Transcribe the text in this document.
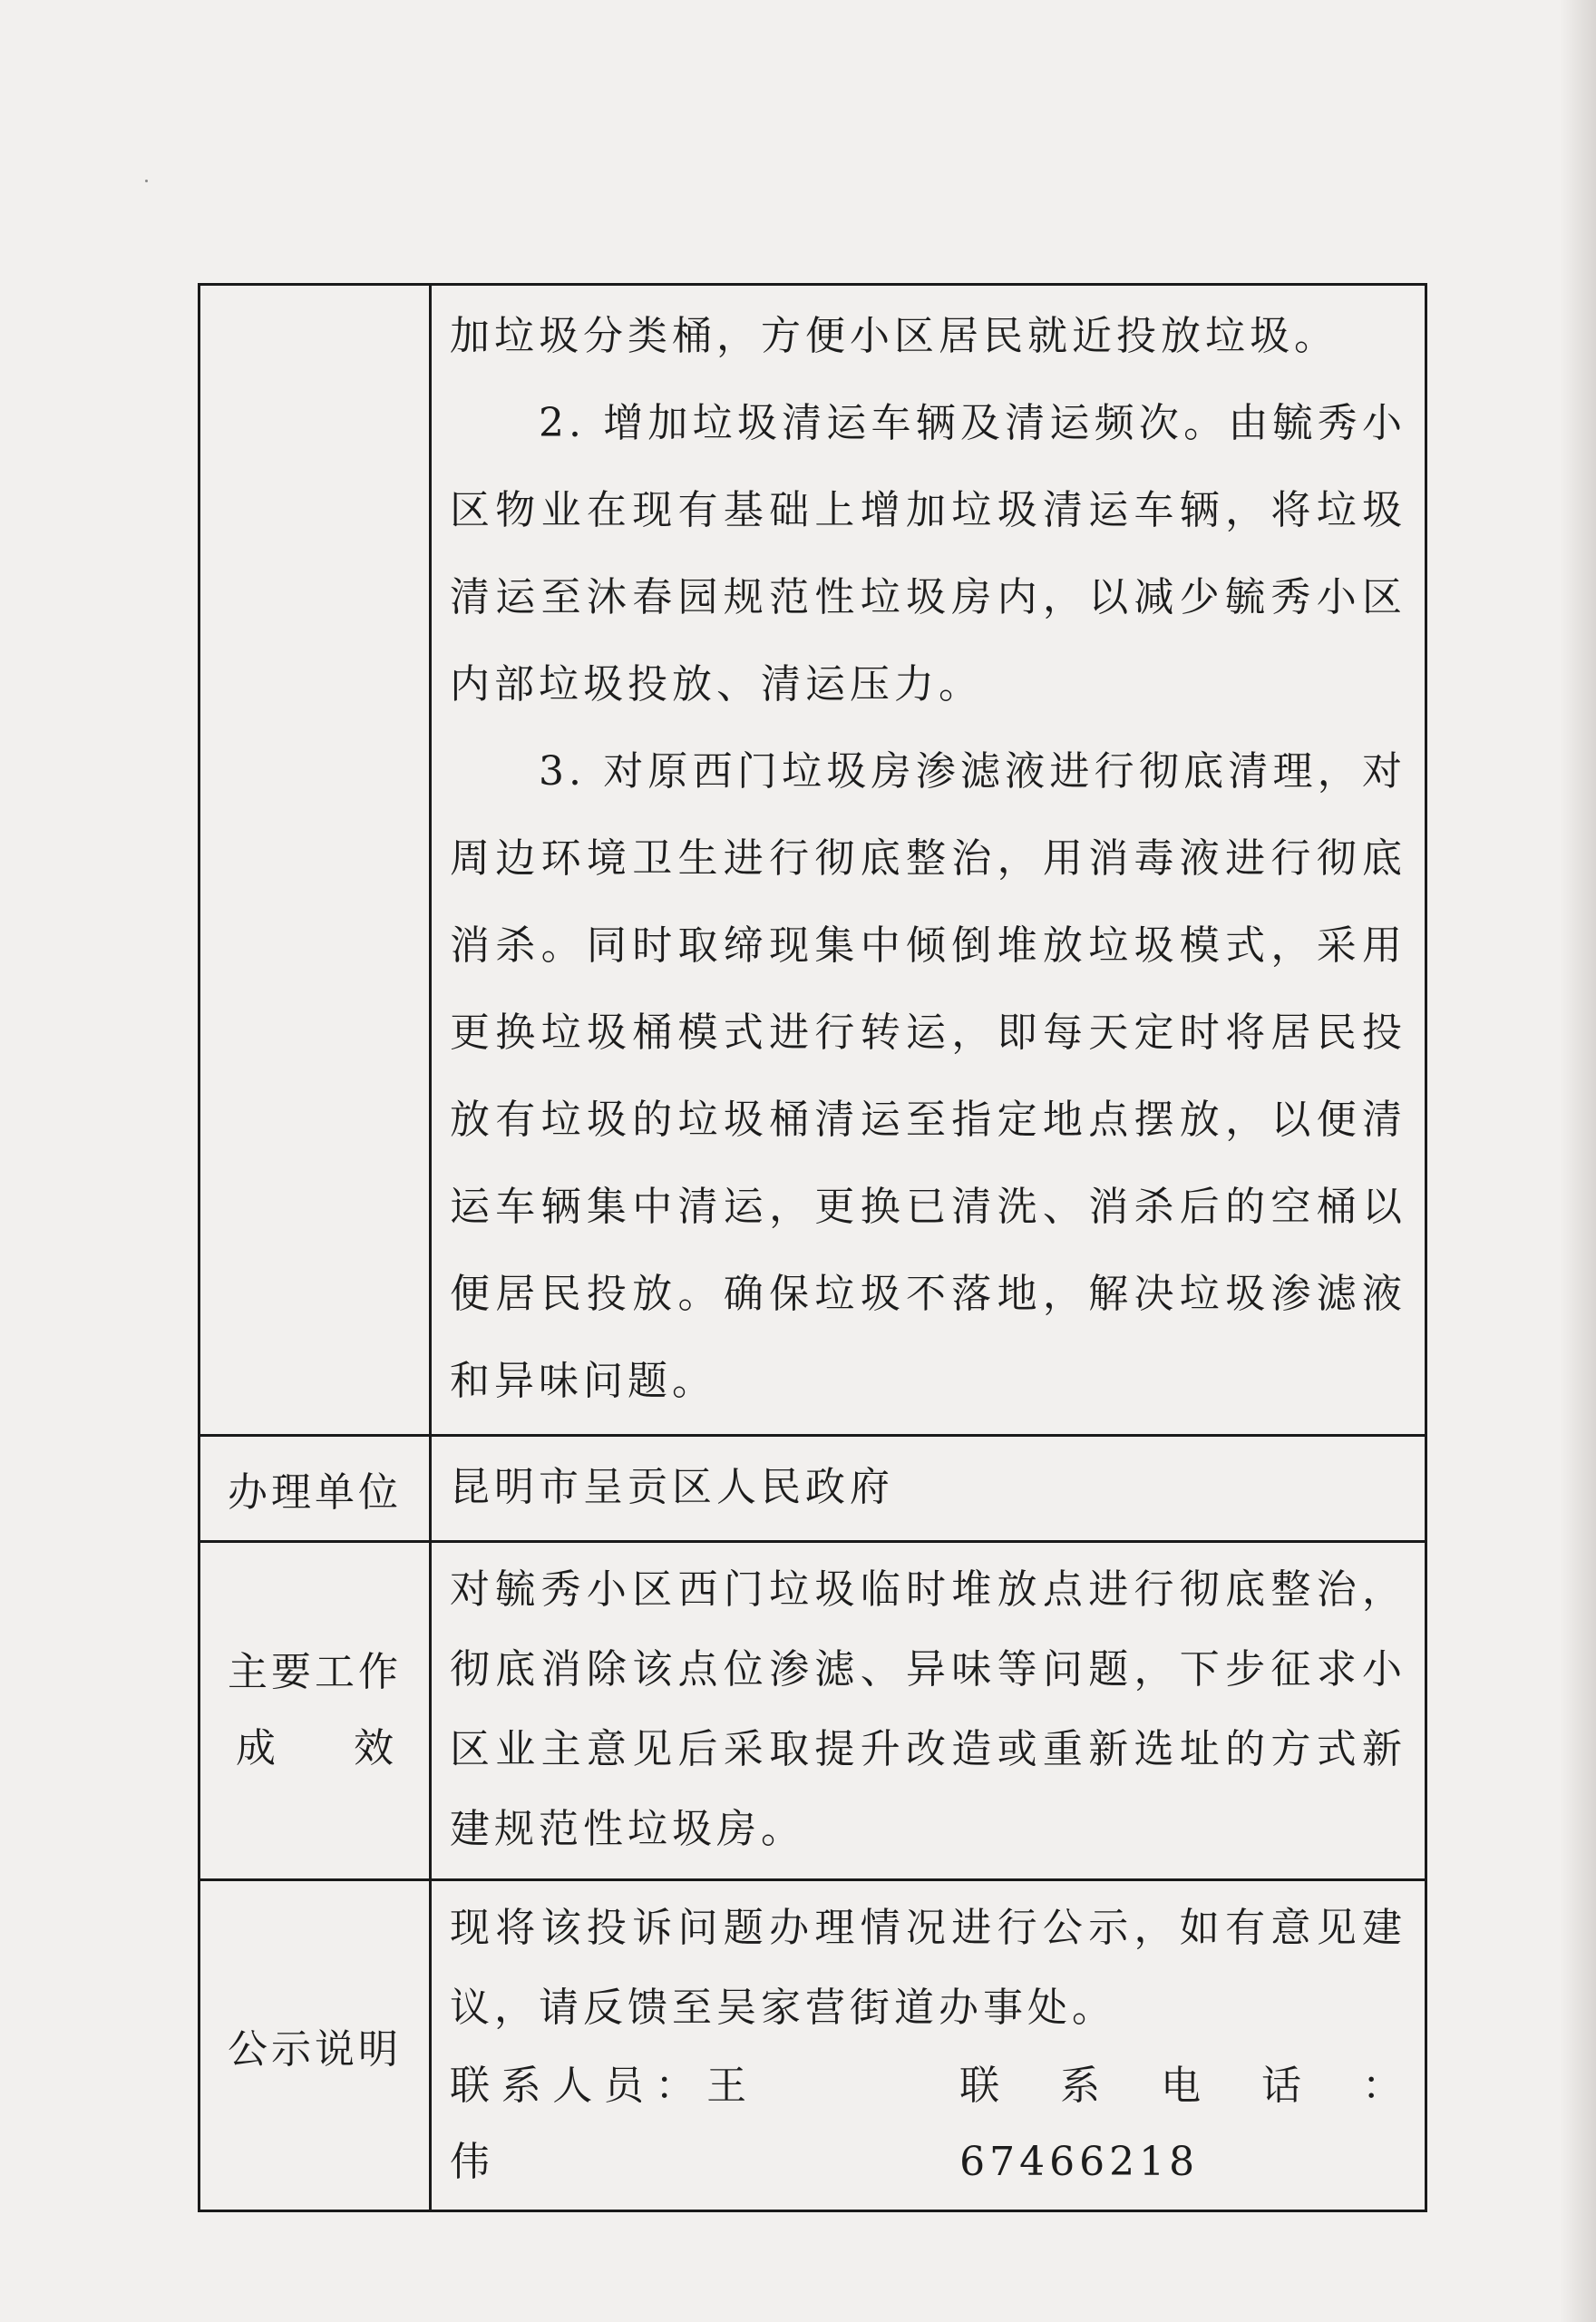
	加垃圾分类桶，方便小区居民就近投放垃圾。

2. 增加垃圾清运车辆及清运频次。由毓秀小区物业在现有基础上增加垃圾清运车辆，将垃圾清运至沐春园规范性垃圾房内，以减少毓秀小区内部垃圾投放、清运压力。

3. 对原西门垃圾房渗滤液进行彻底清理，对周边环境卫生进行彻底整治，用消毒液进行彻底消杀。同时取缔现集中倾倒堆放垃圾模式，采用更换垃圾桶模式进行转运，即每天定时将居民投放有垃圾的垃圾桶清运至指定地点摆放，以便清运车辆集中清运，更换已清洗、消杀后的空桶以便居民投放。确保垃圾不落地，解决垃圾渗滤液和异味问题。

办理单位	昆明市呈贡区人民政府

主要工作
成 效	对毓秀小区西门垃圾临时堆放点进行彻底整治，彻底消除该点位渗滤、异味等问题，下步征求小区业主意见后采取提升改造或重新选址的方式新建规范性垃圾房。

公示说明	现将该投诉问题办理情况进行公示，如有意见建议，请反馈至吴家营街道办事处。

联系人员：王伟
联系电话：67466218
